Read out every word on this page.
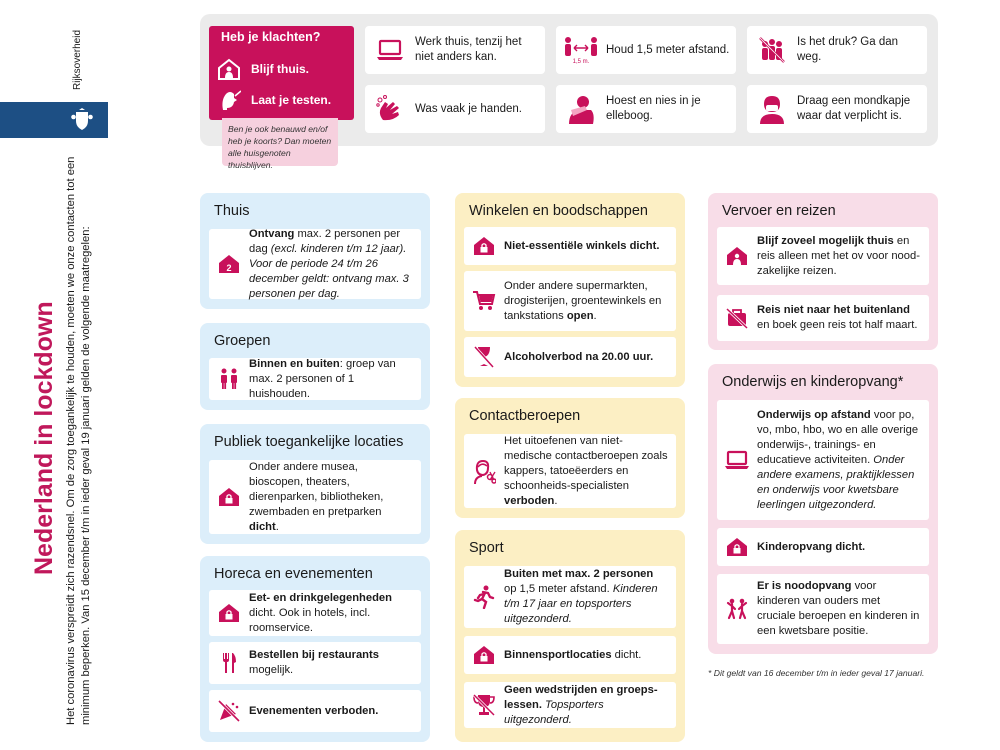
Rijksoverheid
Nederland in lockdown Het coronavirus verspreidt zich razendsnel. Om de zorg toegankelijk te houden, moeten we onze contacten tot een minimum beperken. Van 15 december t/m in ieder geval 19 januari gelden de volgende maatregelen:
Heb je klachten?
Blijf thuis.
Laat je testen.
Ben je ook benauwd en/of heb je koorts? Dan moeten alle huisgenoten thuisblijven.
Werk thuis, tenzij het niet anders kan.	1,5 m.
Houd 1,5 meter afstand.
Is het druk? Ga dan weg.
Was vaak je handen.
Hoest en nies in je elleboog.
Draag een mondkapje waar dat verplicht is.
Thuis
2
Ontvang max. 2 personen per dag (excl. kinderen t/m 12 jaar). Voor de periode 24 t/m 26 december geldt: ontvang max. 3 personen per dag.
Groepen
Binnen en buiten: groep van max. 2 personen of 1 huishouden.
Publiek toegankelijke locaties
Onder andere musea, bioscopen, theaters, dierenparken, bibliotheken, zwembaden en pretparken dicht.
Horeca en evenementen
Eet- en drinkgelegenheden dicht. Ook in hotels, incl. roomservice.
Bestellen bij restaurants mogelijk.
Evenementen verboden.
Winkelen en boodschappen
Niet-essentiële winkels dicht.
Onder andere supermarkten, drogisterijen, groentewinkels en tankstations open.
Alcoholverbod na 20.00 uur.
Contactberoepen
Het uitoefenen van niet-medische contactberoepen zoals kappers, tatoeëerders en schoonheids-specialisten verboden.
Sport
Buiten met max. 2 personen op 1,5 meter afstand. Kinderen t/m 17 jaar en topsporters uitgezonderd.
Binnensportlocaties dicht.
Geen wedstrijden en groeps-lessen. Topsporters uitgezonderd.
Vervoer en reizen
Blijf zoveel mogelijk thuis en reis alleen met het ov voor nood-zakelijke reizen.
Reis niet naar het buitenland en boek geen reis tot half maart.
Onderwijs en kinderopvang*
Onderwijs op afstand voor po, vo, mbo, hbo, wo en alle overige onderwijs-, trainings- en educatieve activiteiten. Onder andere examens, praktijklessen en onderwijs voor kwetsbare leerlingen uitgezonderd.
Kinderopvang dicht.
Er is noodopvang voor kinderen van ouders met cruciale beroepen en kinderen in een kwetsbare positie.
* Dit geldt van 16 december t/m in ieder geval 17 januari.
